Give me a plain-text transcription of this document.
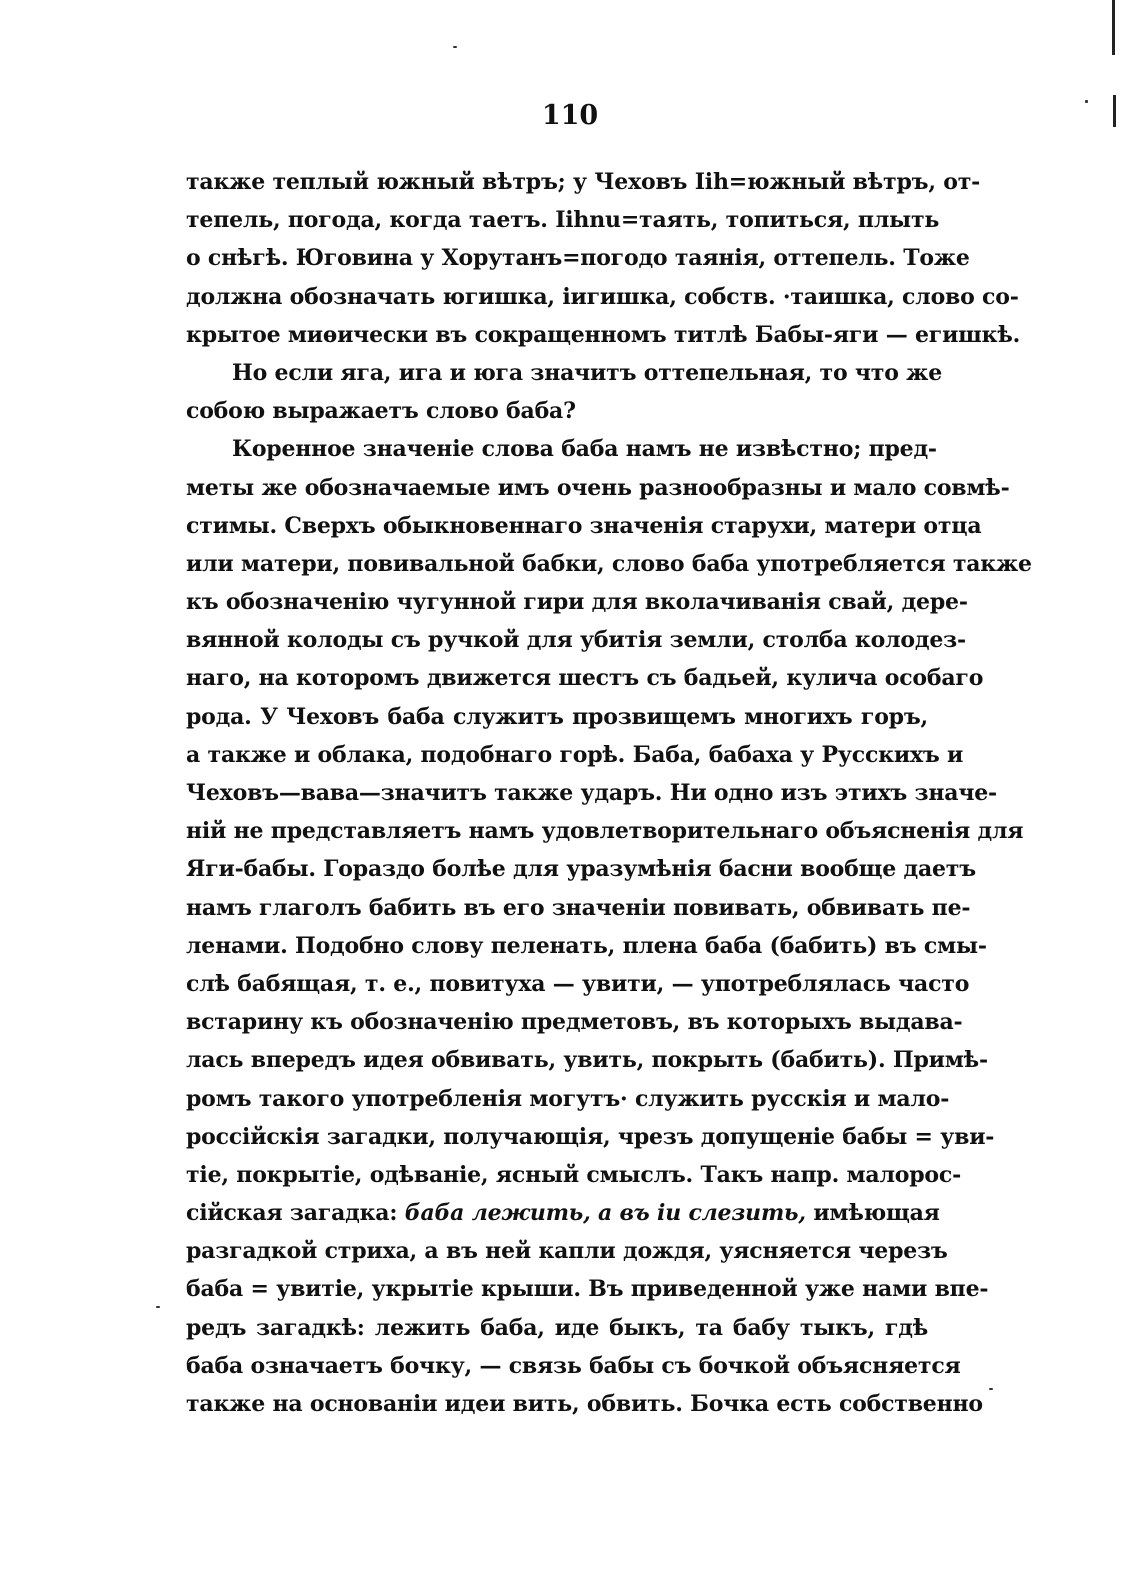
110
также теплый южный вѣтръ; у Чеховъ Iih=южный вѣтръ, от-
тепель, погода, когда таетъ. Iihnu=таять, топиться, плыть
о снѣгѣ. Юговина у Хорутанъ=погодо таянія, оттепель. Тоже
должна обозначать югишка, іигишка, собств. ·таишка, слово со-
крытое миѳически въ сокращенномъ титлѣ Бабы-яги — егишкѣ.
Но если яга, ига и юга значитъ оттепельная, то что же
собою выражаетъ слово баба?
Коренное значеніе слова баба намъ не извѣстно; пред-
меты же обозначаемые имъ очень разнообразны и мало совмѣ-
стимы. Сверхъ обыкновеннаго значенія старухи, матери отца
или матери, повивальной бабки, слово баба употребляется также
къ обозначенію чугунной гири для вколачиванія свай, дере-
вянной колоды съ ручкой для убитія земли, столба колодез-
наго, на которомъ движется шестъ съ бадьей, кулича особаго
рода. У Чеховъ баба служитъ прозвищемъ многихъ горъ,
а также и облака, подобнаго горѣ. Баба, бабаха у Русскихъ и
Чеховъ—вава—значитъ также ударъ. Ни одно изъ этихъ значе-
ній не представляетъ намъ удовлетворительнаго объясненія для
Яги-бабы. Гораздо болѣе для уразумѣнія басни вообще даетъ
намъ глаголъ бабить въ его значеніи повивать, обвивать пе-
ленами. Подобно слову пеленать, плена баба (бабить) въ смы-
слѣ бабящая, т. е., повитуха — увити, — употреблялась часто
встарину къ обозначенію предметовъ, въ которыхъ выдава-
лась впередъ идея обвивать, увить, покрыть (бабить). Примѣ-
ромъ такого употребленія могутъ· служить русскія и мало-
россійскія загадки, получающія, чрезъ допущеніе бабы = уви-
тіе, покрытіе, одѣваніе, ясный смыслъ. Такъ напр. малорос-
сійская загадка: баба лежить, а въ іи слезить, имѣющая
разгадкой стриха, а въ ней капли дождя, уясняется черезъ
баба = увитіе, укрытіе крыши. Въ приведенной уже нами впе-
редъ загадкѣ: лежить баба, иде быкъ, та бабу тыкъ, гдѣ
баба означаетъ бочку, — связь бабы съ бочкой объясняется
также на основаніи идеи вить, обвить. Бочка есть собственно
